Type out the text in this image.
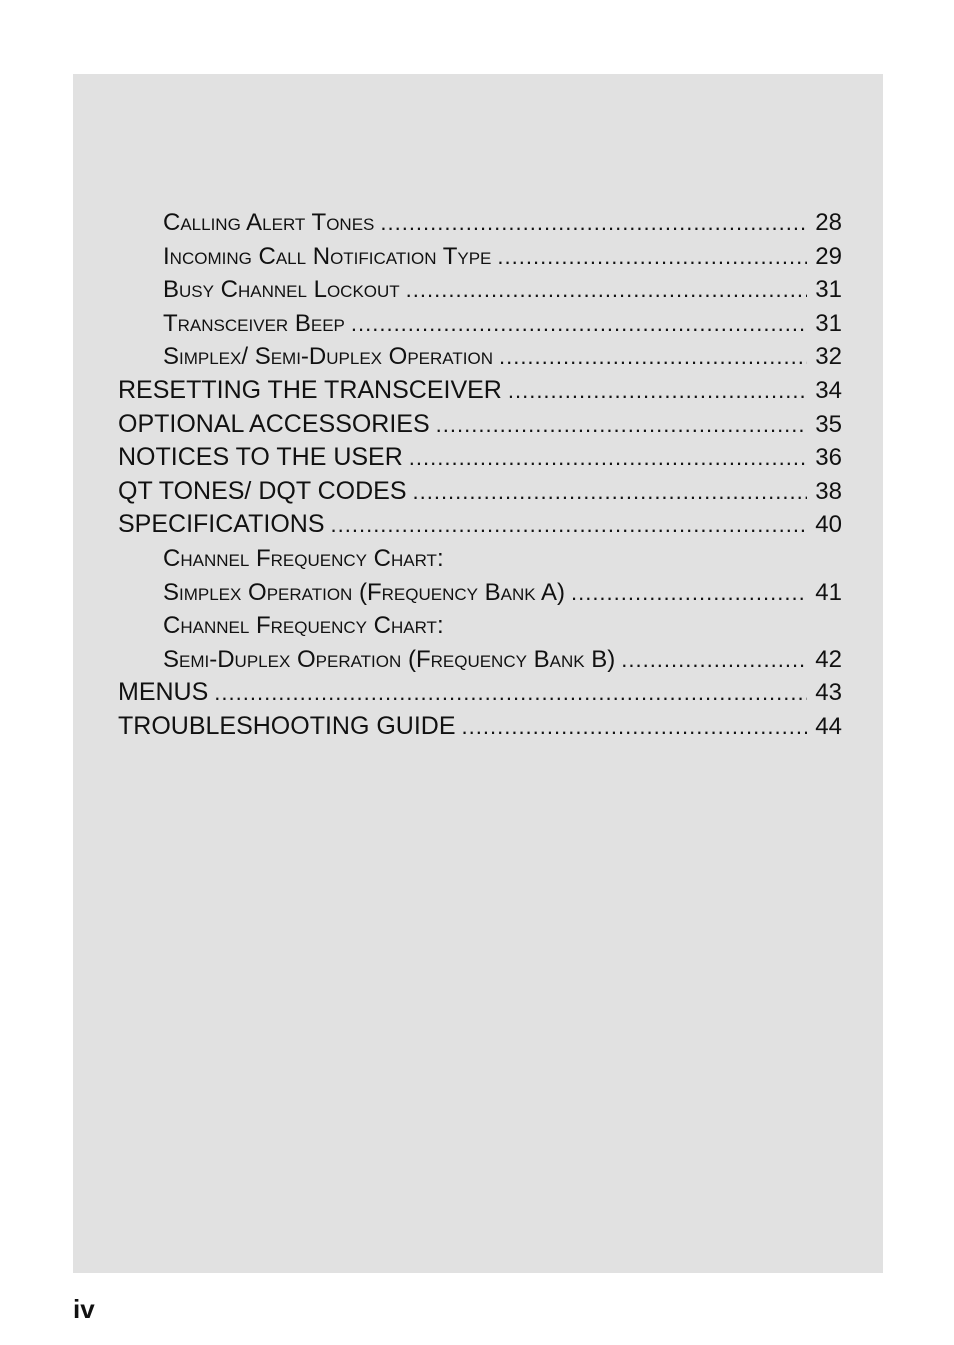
Calling Alert Tones .....	28
Incoming Call Notification Type .....	29
Busy Channel Lockout .....	31
Transceiver Beep .....	31
Simplex/ Semi-Duplex Operation .....	32
RESETTING THE TRANSCEIVER .....	34
OPTIONAL ACCESSORIES .....	35
NOTICES TO THE USER .....	36
QT TONES/ DQT CODES .....	38
SPECIFICATIONS .....	40
Channel Frequency Chart:
Simplex Operation (Frequency Bank A) .....	41
Channel Frequency Chart:
Semi-Duplex Operation (Frequency Bank B) .....	42
MENUS .....	43
TROUBLESHOOTING GUIDE .....	44
iv
